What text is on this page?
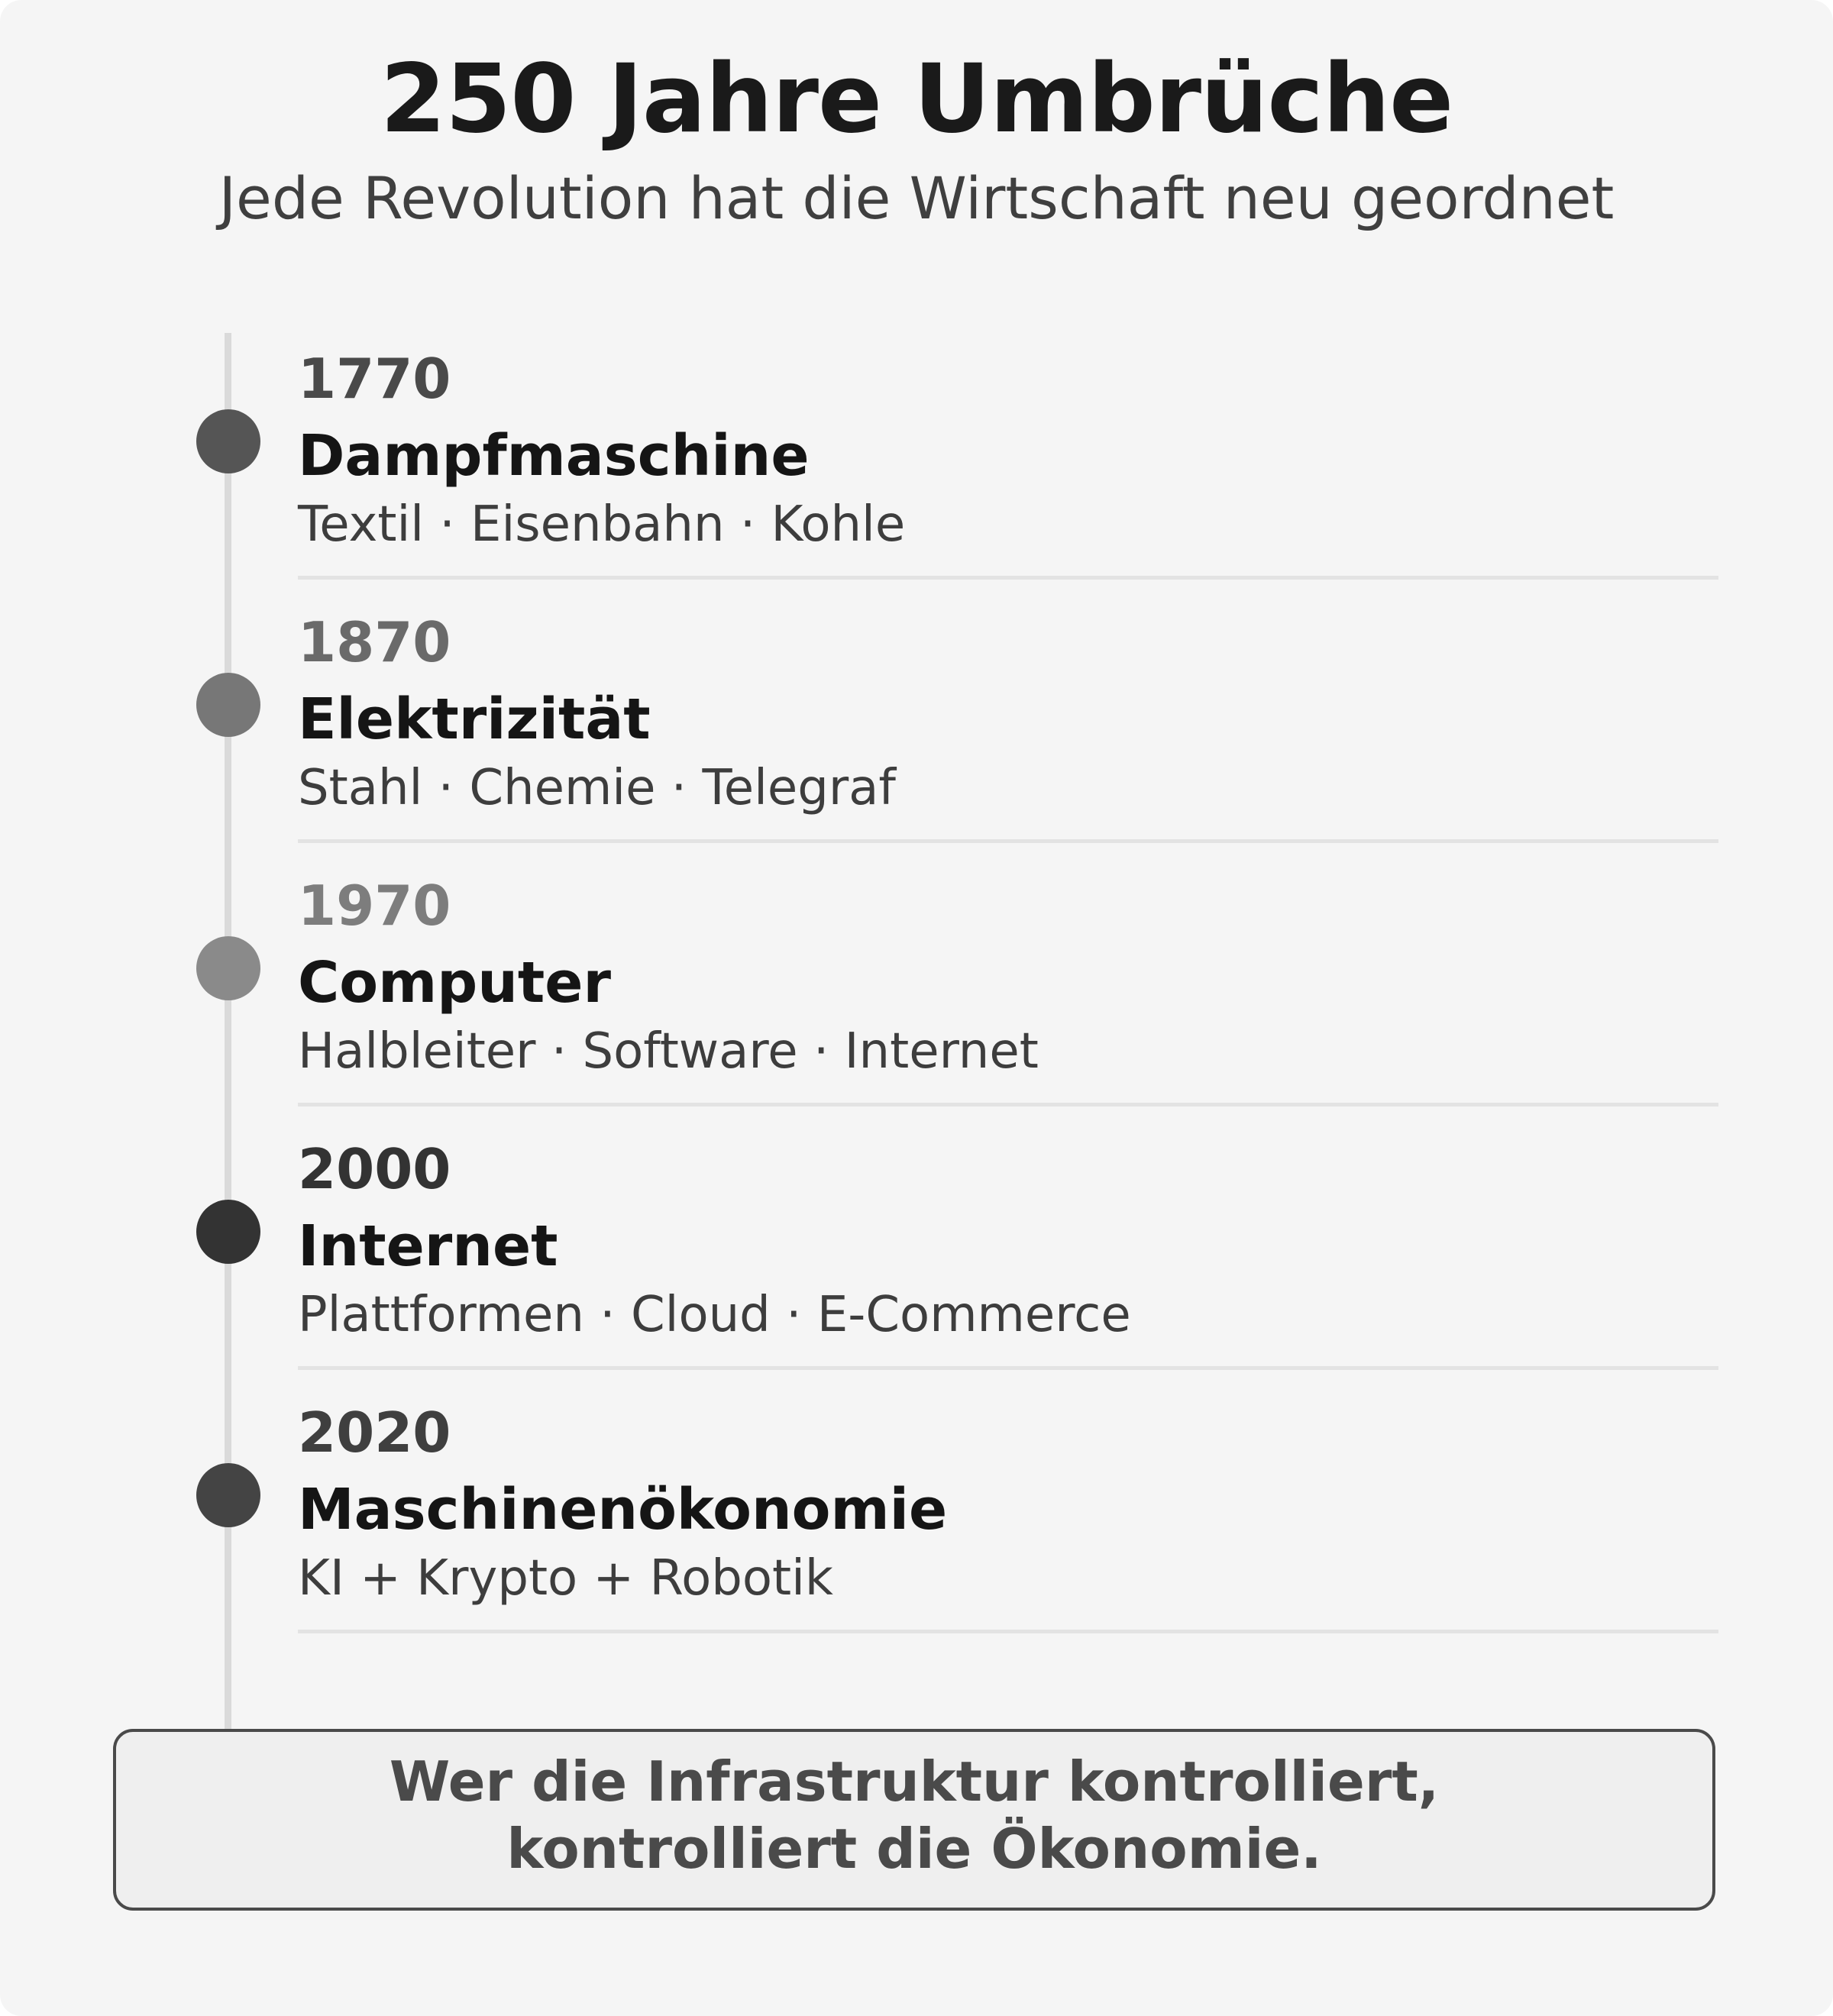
250 Jahre Umbrüche
Jede Revolution hat die Wirtschaft neu geordnet
1770
Dampfmaschine
Textil · Eisenbahn · Kohle
1870
Elektrizität
Stahl · Chemie · Telegraf
1970
Computer
Halbleiter · Software · Internet
2000
Internet
Plattformen · Cloud · E-Commerce
2020
Maschinenökonomie
KI + Krypto + Robotik
Wer die Infrastruktur kontrolliert,
kontrolliert die Ökonomie.
